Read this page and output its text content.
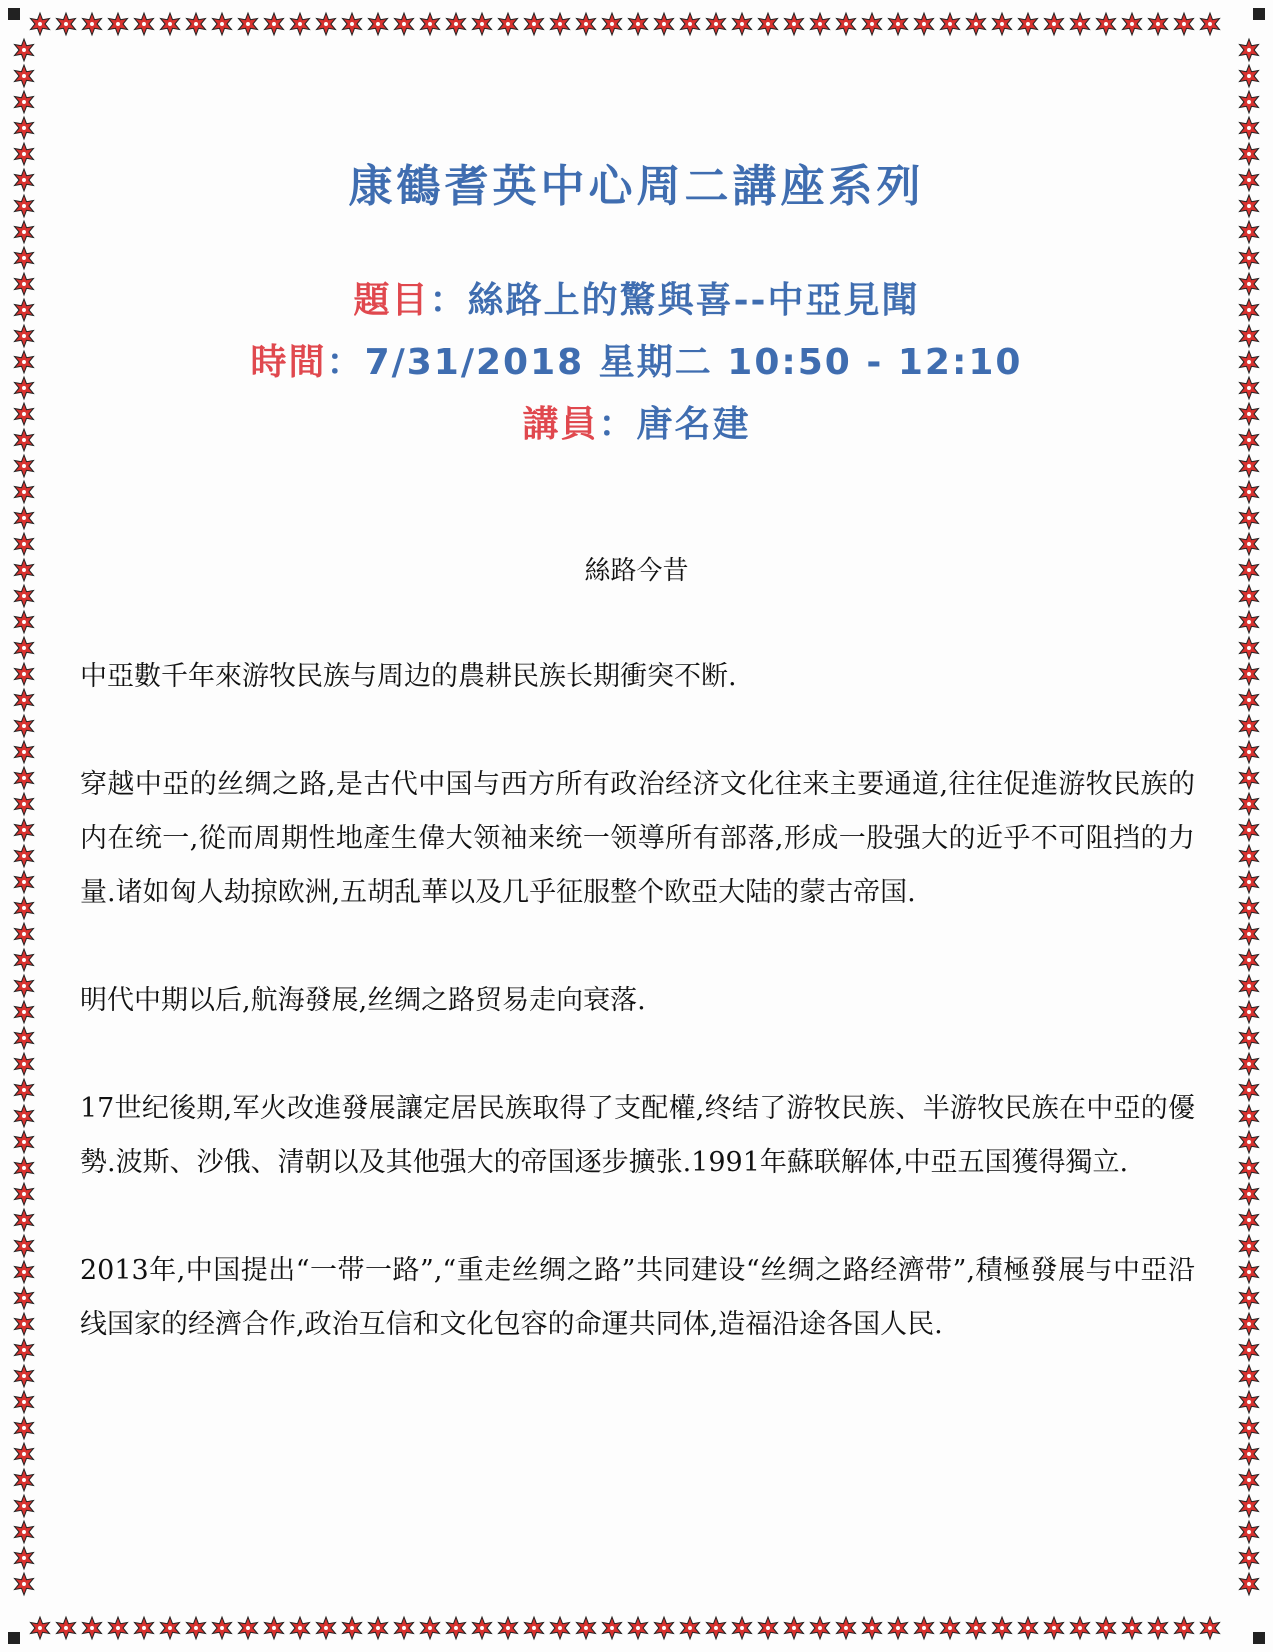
康鶴耆英中心周二講座系列
題目：絲路上的驚與喜--中亞見聞
時間：7/31/2018 星期二 10:50 - 12:10
講員：唐名建
絲路今昔

中亞數千年來游牧民族与周边的農耕民族长期衝突不断.

穿越中亞的丝绸之路,是古代中国与西方所有政治经济文化往来主要通道,往往促進游牧民族的内在统一,從而周期性地產生偉大领袖来统一领導所有部落,形成一股强大的近乎不可阻挡的力量.诸如匈人劫掠欧洲,五胡乱華以及几乎征服整个欧亞大陆的蒙古帝国.

明代中期以后,航海發展,丝绸之路贸易走向衰落.

17世纪後期,军火改進發展讓定居民族取得了支配權,终结了游牧民族、半游牧民族在中亞的優勢.波斯、沙俄、清朝以及其他强大的帝国逐步擴张.1991年蘇联解体,中亞五国獲得獨立.

2013年,中国提出“一带一路”,“重走丝绸之路”共同建设“丝绸之路经濟带”,積極發展与中亞沿线国家的经濟合作,政治互信和文化包容的命運共同体,造福沿途各国人民.
